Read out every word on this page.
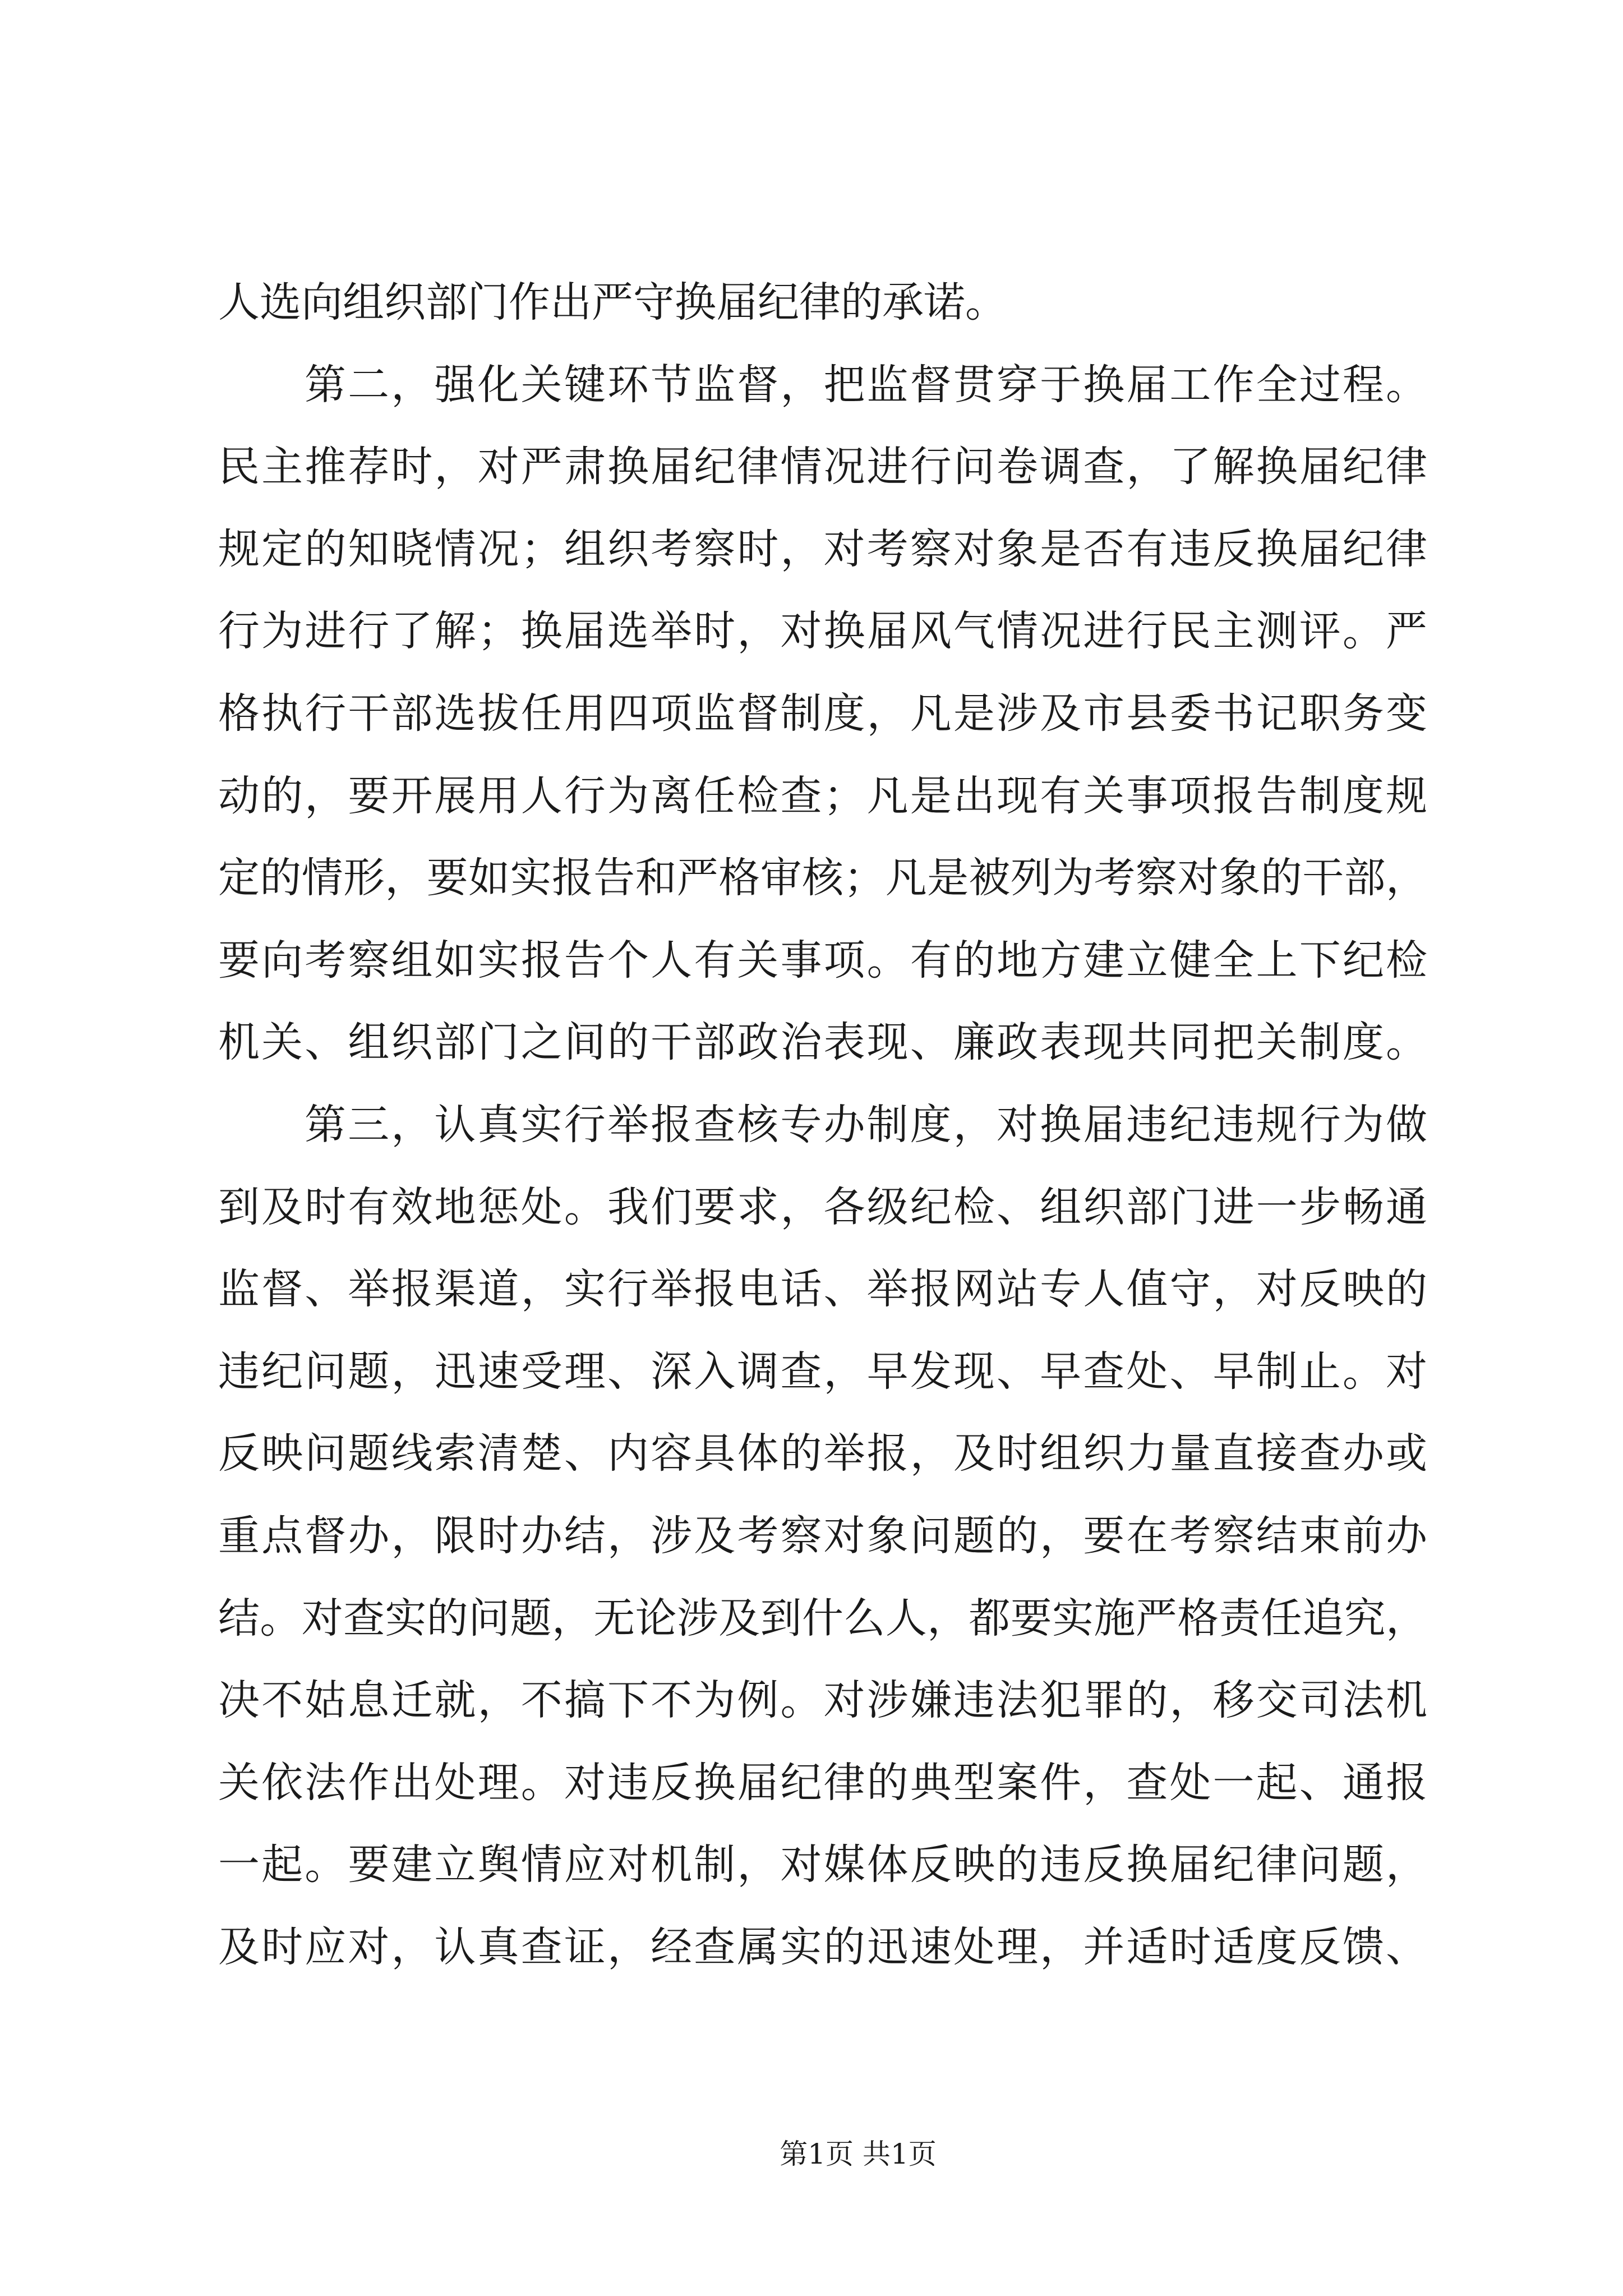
人选向组织部门作出严守换届纪律的承诺。
第二，强化关键环节监督，把监督贯穿于换届工作全过程。
民主推荐时，对严肃换届纪律情况进行问卷调查，了解换届纪律
规定的知晓情况；组织考察时，对考察对象是否有违反换届纪律
行为进行了解；换届选举时，对换届风气情况进行民主测评。严
格执行干部选拔任用四项监督制度，凡是涉及市县委书记职务变
动的，要开展用人行为离任检查；凡是出现有关事项报告制度规
定的情形，要如实报告和严格审核；凡是被列为考察对象的干部，
要向考察组如实报告个人有关事项。有的地方建立健全上下纪检
机关、组织部门之间的干部政治表现、廉政表现共同把关制度。
第三，认真实行举报查核专办制度，对换届违纪违规行为做
到及时有效地惩处。我们要求，各级纪检、组织部门进一步畅通
监督、举报渠道，实行举报电话、举报网站专人值守，对反映的
违纪问题，迅速受理、深入调查，早发现、早查处、早制止。对
反映问题线索清楚、内容具体的举报，及时组织力量直接查办或
重点督办，限时办结，涉及考察对象问题的，要在考察结束前办
结。对查实的问题，无论涉及到什么人，都要实施严格责任追究，
决不姑息迁就，不搞下不为例。对涉嫌违法犯罪的，移交司法机
关依法作出处理。对违反换届纪律的典型案件，查处一起、通报
一起。要建立舆情应对机制，对媒体反映的违反换届纪律问题，
及时应对，认真查证，经查属实的迅速处理，并适时适度反馈、
第1页 共1页
